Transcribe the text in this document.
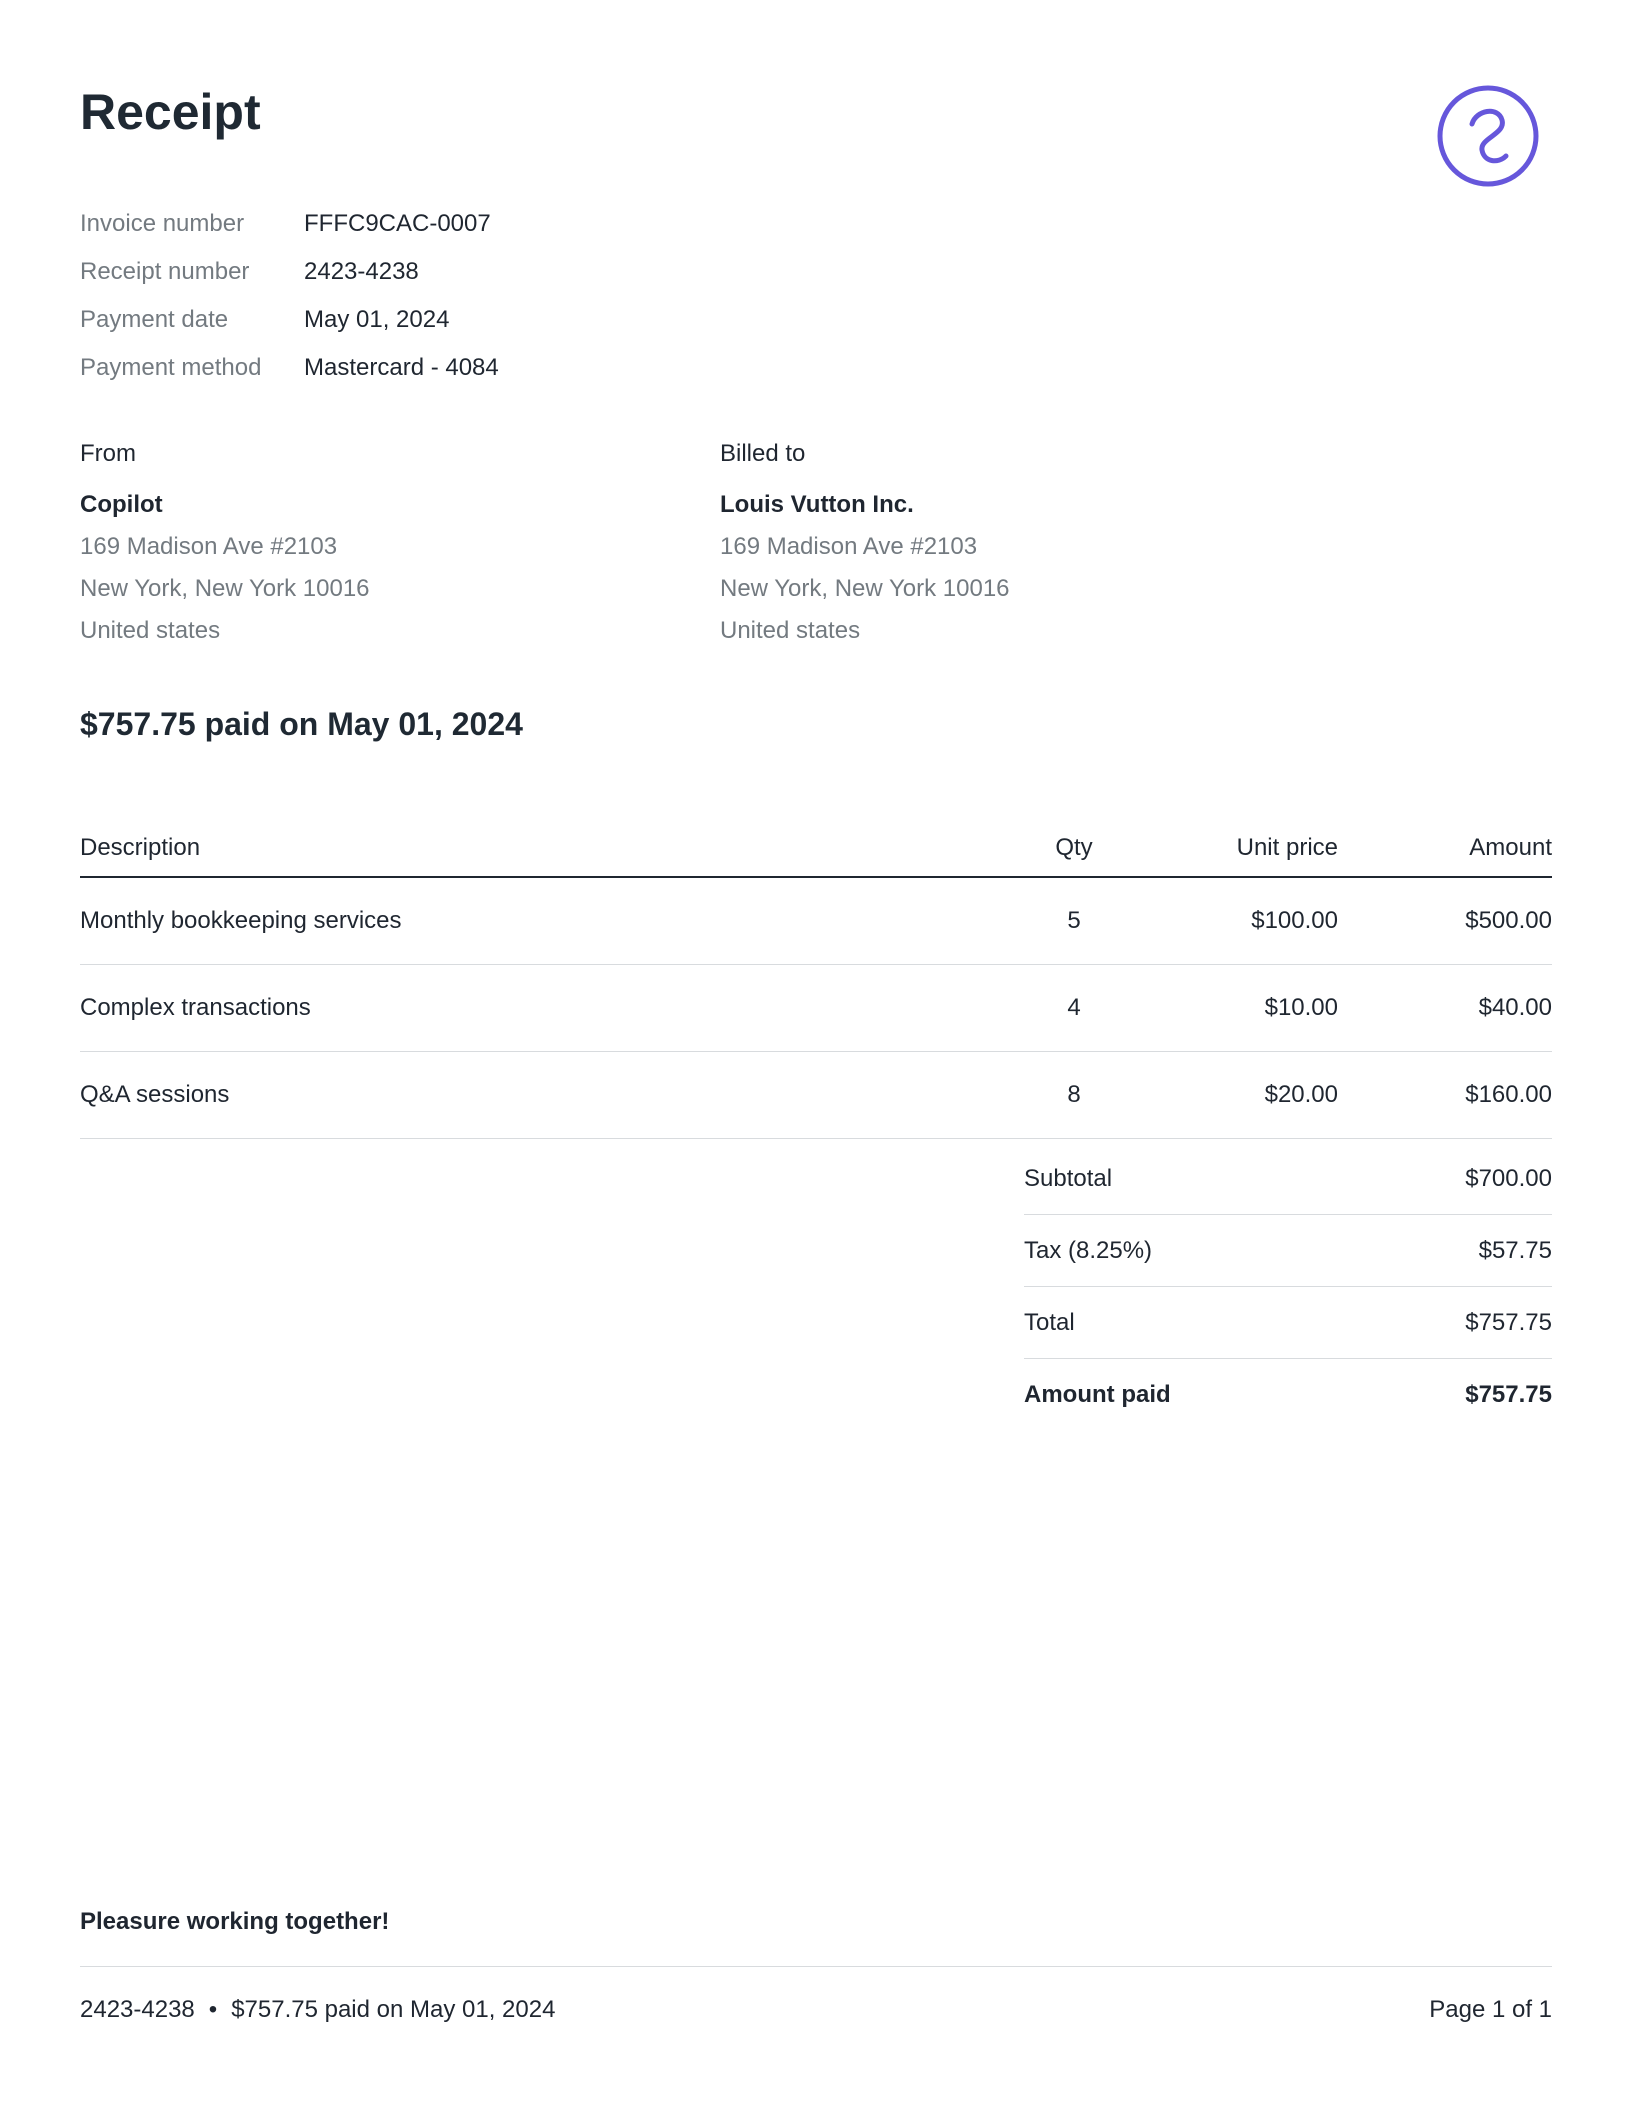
Receipt
Invoice number	FFFC9CAC-0007
Receipt number	2423-4238
Payment date	May 01, 2024
Payment method	Mastercard - 4084
From
Copilot
169 Madison Ave #2103
New York, New York 10016
United states
Billed to
Louis Vutton Inc.
169 Madison Ave #2103
New York, New York 10016
United states
$757.75 paid on May 01, 2024
Description	Qty	Unit price	Amount
Monthly bookkeeping services	5	$100.00	$500.00
Complex transactions	4	$10.00	$40.00
Q&A sessions	8	$20.00	$160.00
Subtotal	$700.00
Tax (8.25%)	$57.75
Total	$757.75
Amount paid	$757.75
Pleasure working together!
2423-4238 • $757.75 paid on May 01, 2024	Page 1 of 1
